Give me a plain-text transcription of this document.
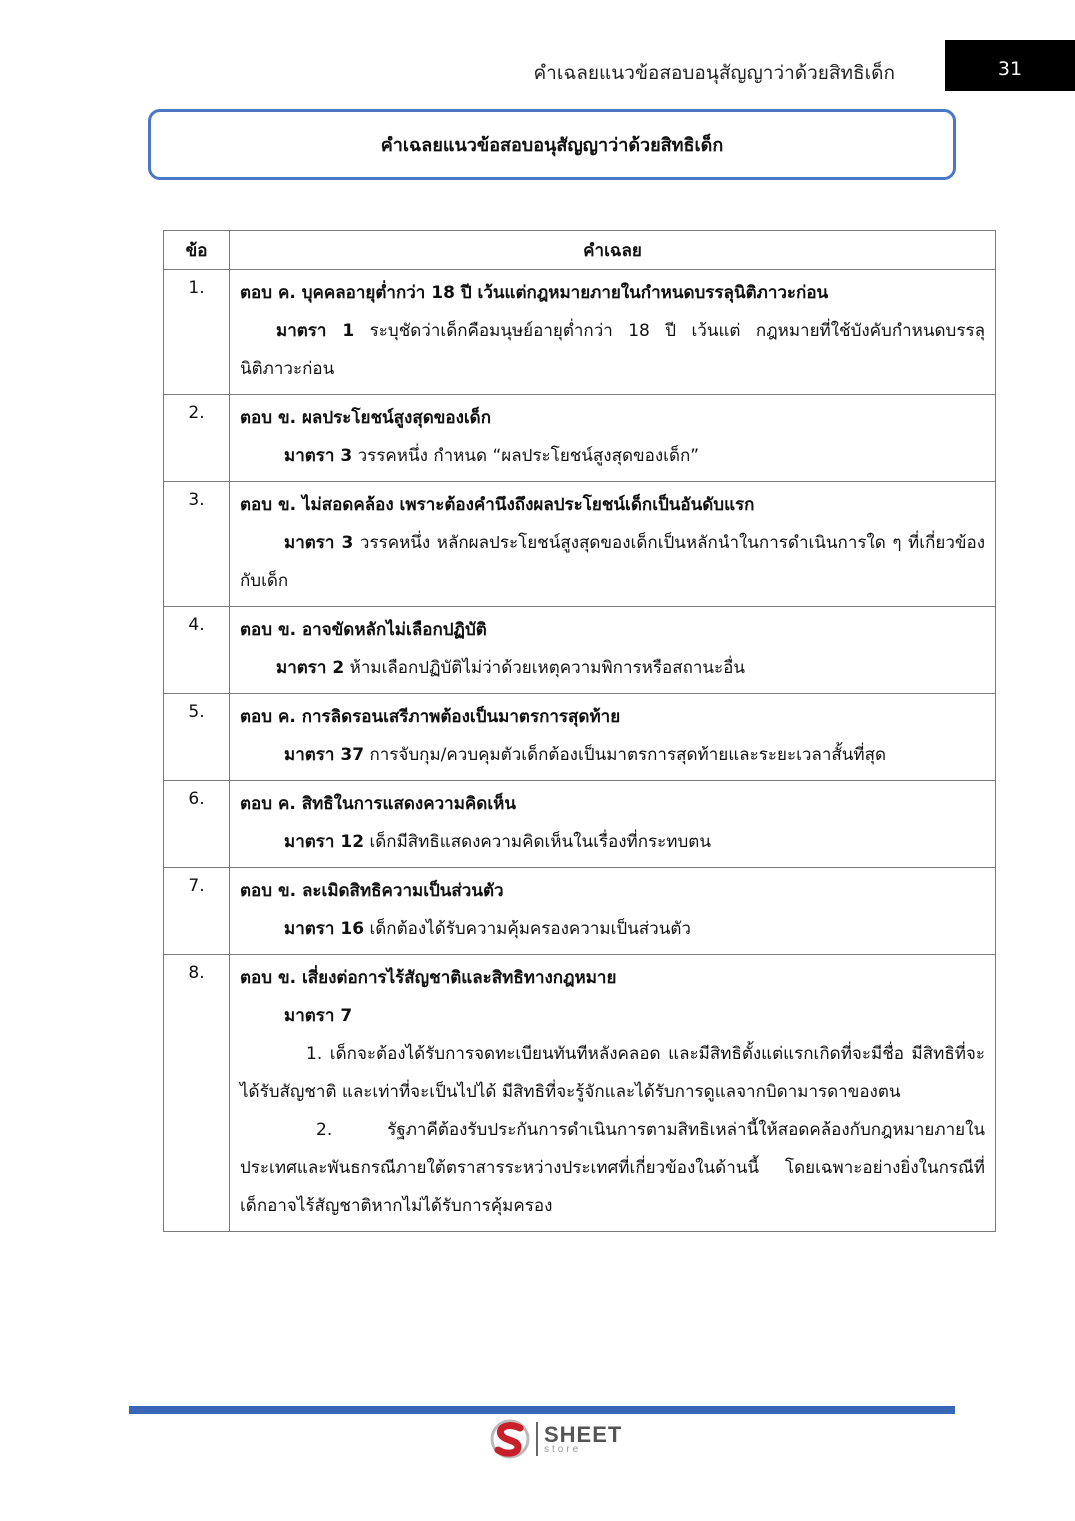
คำเฉลยแนวข้อสอบอนุสัญญาว่าด้วยสิทธิเด็ก	31
คำเฉลยแนวข้อสอบอนุสัญญาว่าด้วยสิทธิเด็ก
ข้อ	คำเฉลย
1.	ตอบ ค. บุคคลอายุต่ำกว่า 18 ปี เว้นแต่กฎหมายภายในกำหนดบรรลุนิติภาวะก่อน
มาตรา 1 ระบุชัดว่าเด็กคือมนุษย์อายุต่ำกว่า 18 ปี เว้นแต่ กฎหมายที่ใช้บังคับกำหนดบรรลุนิติภาวะก่อน

2.	ตอบ ข. ผลประโยชน์สูงสุดของเด็ก
มาตรา 3 วรรคหนึ่ง กำหนด “ผลประโยชน์สูงสุดของเด็ก”

3.	ตอบ ข. ไม่สอดคล้อง เพราะต้องคำนึงถึงผลประโยชน์เด็กเป็นอันดับแรก
มาตรา 3 วรรคหนึ่ง หลักผลประโยชน์สูงสุดของเด็กเป็นหลักนำในการดำเนินการใด ๆ ที่เกี่ยวข้องกับเด็ก

4.	ตอบ ข. อาจขัดหลักไม่เลือกปฏิบัติ
มาตรา 2 ห้ามเลือกปฏิบัติไม่ว่าด้วยเหตุความพิการหรือสถานะอื่น

5.	ตอบ ค. การลิดรอนเสรีภาพต้องเป็นมาตรการสุดท้าย
มาตรา 37 การจับกุม/ควบคุมตัวเด็กต้องเป็นมาตรการสุดท้ายและระยะเวลาสั้นที่สุด

6.	ตอบ ค. สิทธิในการแสดงความคิดเห็น
มาตรา 12 เด็กมีสิทธิแสดงความคิดเห็นในเรื่องที่กระทบตน

7.	ตอบ ข. ละเมิดสิทธิความเป็นส่วนตัว
มาตรา 16 เด็กต้องได้รับความคุ้มครองความเป็นส่วนตัว

8.	ตอบ ข. เสี่ยงต่อการไร้สัญชาติและสิทธิทางกฎหมาย
มาตรา 7
1. เด็กจะต้องได้รับการจดทะเบียนทันทีหลังคลอด และมีสิทธิตั้งแต่แรกเกิดที่จะมีชื่อ มีสิทธิที่จะได้รับสัญชาติ และเท่าที่จะเป็นไปได้ มีสิทธิที่จะรู้จักและได้รับการดูแลจากบิดามารดาของตน
2. รัฐภาคีต้องรับประกันการดำเนินการตามสิทธิเหล่านี้ให้สอดคล้องกับกฎหมายภายในประเทศและพันธกรณีภายใต้ตราสารระหว่างประเทศที่เกี่ยวข้องในด้านนี้ โดยเฉพาะอย่างยิ่งในกรณีที่เด็กอาจไร้สัญชาติหากไม่ได้รับการคุ้มครอง
SHEET
store
